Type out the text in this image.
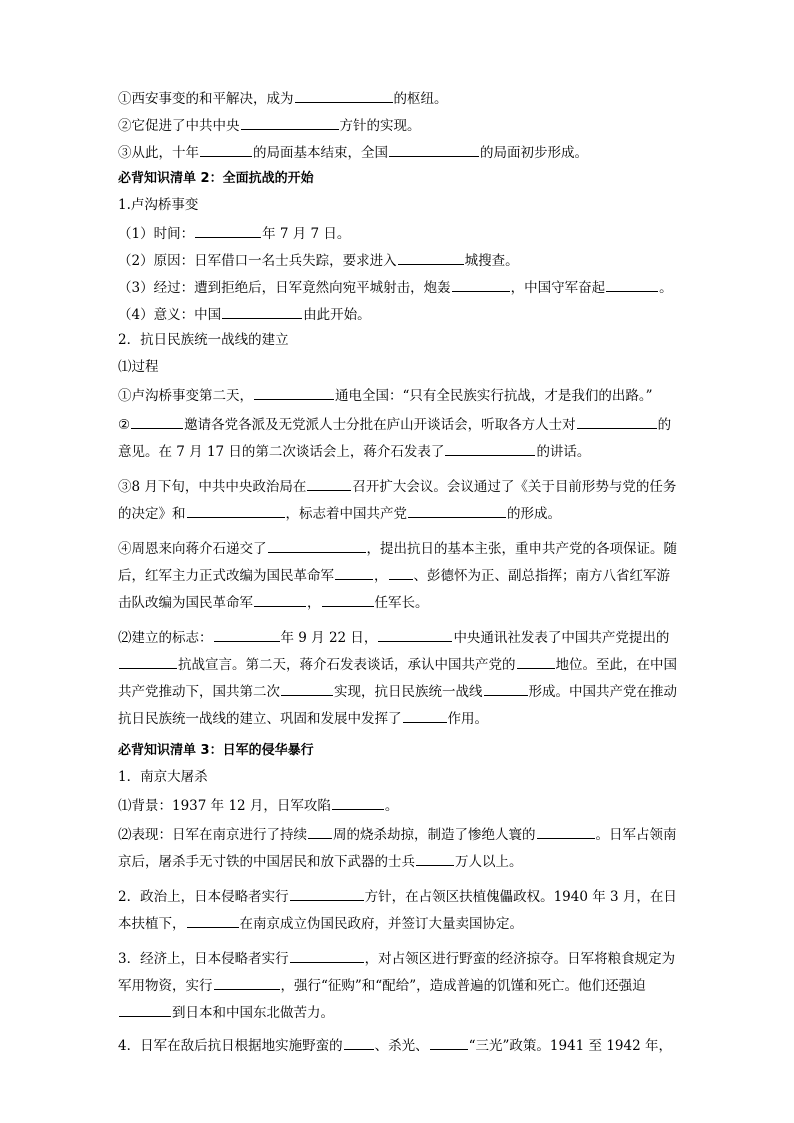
①西安事变的和平解决，成为	的枢纽。
②它促进了中共中央	方针的实现。
③从此，十年	的局面基本结束，全国	的局面初步形成。
必背知识清单 2：全面抗战的开始
1.卢沟桥事变
（1）时间：	年 7 月 7 日。
（2）原因：日军借口一名士兵失踪，要求进入	城搜查。
（3）经过：遭到拒绝后，日军竟然向宛平城射击，炮轰	，中国守军奋起	。
（4）意义：中国	由此开始。
2．抗日民族统一战线的建立
⑴过程
①卢沟桥事变第二天，	通电全国：“只有全民族实行抗战，才是我们的出路。”
②	邀请各党各派及无党派人士分批在庐山开谈话会，听取各方人士对	的意见。在 7 月 17 日的第二次谈话会上，蒋介石发表了	的讲话。
③8 月下旬，中共中央政治局在	召开扩大会议。会议通过了《关于目前形势与党的任务的决定》和	，标志着中国共产党	的形成。
④周恩来向蒋介石递交了	，提出抗日的基本主张，重申共产党的各项保证。随后，红军主力正式改编为国民革命军	， 、彭德怀为正、副总指挥；南方八省红军游击队改编为国民革命军	，	任军长。
⑵建立的标志：	年 9 月 22 日，	中央通讯社发表了中国共产党提出的抗战宣言。第二天，蒋介石发表谈话，承认中国共产党的	地位。至此，在中国共产党推动下，国共第二次	实现，抗日民族统一战线	形成。中国共产党在推动抗日民族统一战线的建立、巩固和发展中发挥了	作用。
必背知识清单 3：日军的侵华暴行
1．南京大屠杀
⑴背景：1937 年 12 月，日军攻陷	。
⑵表现：日军在南京进行了持续 周的烧杀劫掠，制造了惨绝人寰的	。日军占领南京后，屠杀手无寸铁的中国居民和放下武器的士兵	万人以上。
2．政治上，日本侵略者实行	方针，在占领区扶植傀儡政权。1940 年 3 月，在日本扶植下，	在南京成立伪国民政府，并签订大量卖国协定。
3．经济上，日本侵略者实行	，对占领区进行野蛮的经济掠夺。日军将粮食规定为军用物资，实行	，强行“征购”和“配给”，造成普遍的饥馑和死亡。他们还强迫到日本和中国东北做苦力。
4．日军在敌后抗日根据地实施野蛮的 、杀光、	“三光”政策。1941 至 1942 年，
